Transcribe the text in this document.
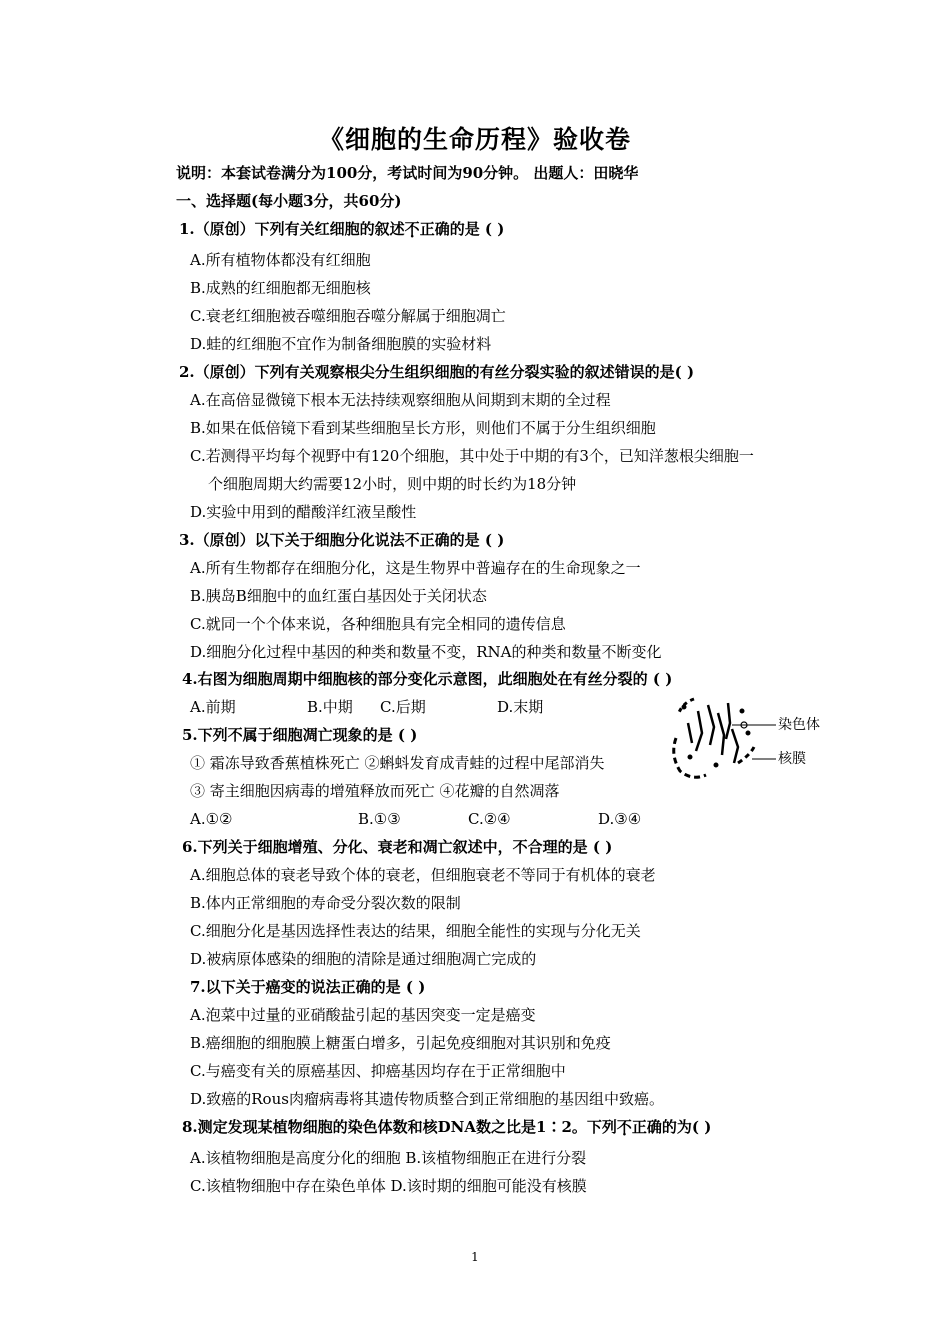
《细胞的生命历程》验收卷
说明：本套试卷满分为100分，考试时间为90分钟。 出题人：田晓华
一、选择题(每小题3分，共60分)
1.（原创）下列有关红细胞的叙述不正确的是 ( )
A.所有植物体都没有红细胞
B.成熟的红细胞都无细胞核
C.衰老红细胞被吞噬细胞吞噬分解属于细胞凋亡
D.蛙的红细胞不宜作为制备细胞膜的实验材料
2.（原创）下列有关观察根尖分生组织细胞的有丝分裂实验的叙述错误的是( )
A.在高倍显微镜下根本无法持续观察细胞从间期到末期的全过程
B.如果在低倍镜下看到某些细胞呈长方形，则他们不属于分生组织细胞
C.若测得平均每个视野中有120个细胞，其中处于中期的有3个，已知洋葱根尖细胞一
个细胞周期大约需要12小时，则中期的时长约为18分钟
D.实验中用到的醋酸洋红液呈酸性
3.（原创）以下关于细胞分化说法不正确的是 ( )
A.所有生物都存在细胞分化，这是生物界中普遍存在的生命现象之一
B.胰岛B细胞中的血红蛋白基因处于关闭状态
C.就同一个个体来说，各种细胞具有完全相同的遗传信息
D.细胞分化过程中基因的种类和数量不变，RNA的种类和数量不断变化
4.右图为细胞周期中细胞核的部分变化示意图，此细胞处在有丝分裂的 ( )
A.前期	B.中期 C.后期	D.末期
5.下列不属于细胞凋亡现象的是 ( )
① 霜冻导致香蕉植株死亡 ②蝌蚪发育成青蛙的过程中尾部消失
③ 寄主细胞因病毒的增殖释放而死亡 ④花瓣的自然凋落
A.①②	B.①③	C.②④	D.③④
染色体
核膜
6.下列关于细胞增殖、分化、衰老和凋亡叙述中，不合理的是 ( )
A.细胞总体的衰老导致个体的衰老，但细胞衰老不等同于有机体的衰老
B.体内正常细胞的寿命受分裂次数的限制
C.细胞分化是基因选择性表达的结果，细胞全能性的实现与分化无关
D.被病原体感染的细胞的清除是通过细胞凋亡完成的
7.以下关于癌变的说法正确的是 ( )
A.泡菜中过量的亚硝酸盐引起的基因突变一定是癌变
B.癌细胞的细胞膜上糖蛋白增多，引起免疫细胞对其识别和免疫
C.与癌变有关的原癌基因、抑癌基因均存在于正常细胞中
D.致癌的Rous肉瘤病毒将其遗传物质整合到正常细胞的基因组中致癌。
8.测定发现某植物细胞的染色体数和核DNA数之比是1∶2。下列不正确的为( )
A.该植物细胞是高度分化的细胞 B.该植物细胞正在进行分裂
C.该植物细胞中存在染色单体 D.该时期的细胞可能没有核膜
1
